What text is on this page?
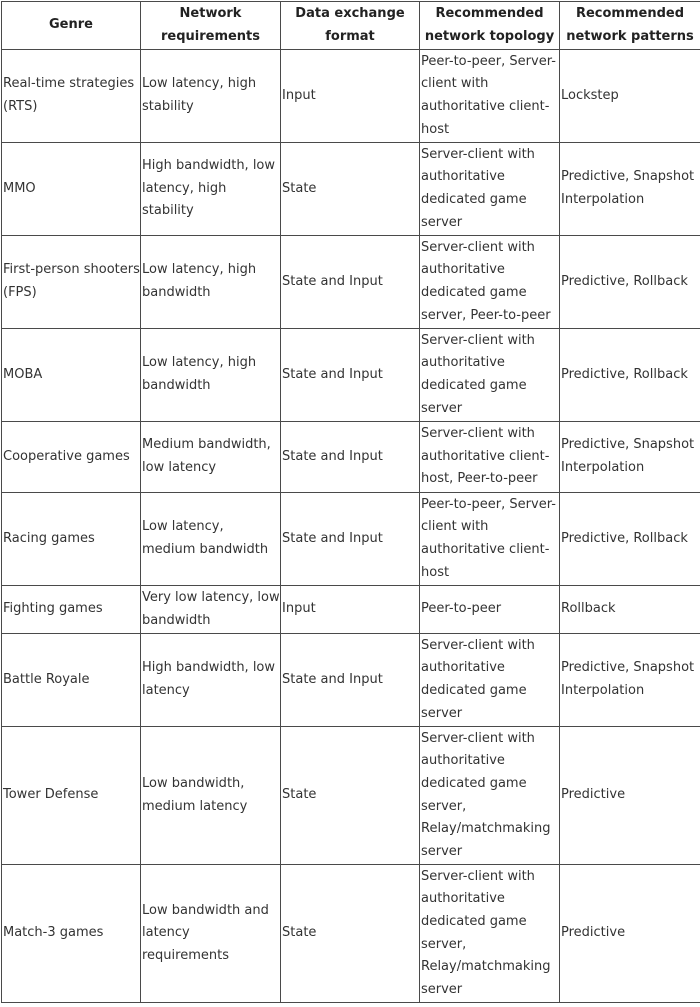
Genre	Network requirements	Data exchange format	Recommended network topology	Recommended network patterns
Real-time strategies (RTS)	Low latency, high stability	Input	Peer-to-peer, Server-client with authoritative client-host	Lockstep
MMO	High bandwidth, low latency, high stability	State	Server-client with authoritative dedicated game server	Predictive, Snapshot Interpolation
First-person shooters (FPS)	Low latency, high bandwidth	State and Input	Server-client with authoritative dedicated game server, Peer-to-peer	Predictive, Rollback
MOBA	Low latency, high bandwidth	State and Input	Server-client with authoritative dedicated game server	Predictive, Rollback
Cooperative games	Medium bandwidth, low latency	State and Input	Server-client with authoritative client-host, Peer-to-peer	Predictive, Snapshot Interpolation
Racing games	Low latency, medium bandwidth	State and Input	Peer-to-peer, Server-client with authoritative client-host	Predictive, Rollback
Fighting games	Very low latency, low bandwidth	Input	Peer-to-peer	Rollback
Battle Royale	High bandwidth, low latency	State and Input	Server-client with authoritative dedicated game server	Predictive, Snapshot Interpolation
Tower Defense	Low bandwidth, medium latency	State	Server-client with authoritative dedicated game server, Relay/matchmaking server	Predictive
Match-3 games	Low bandwidth and latency requirements	State	Server-client with authoritative dedicated game server, Relay/matchmaking server	Predictive
